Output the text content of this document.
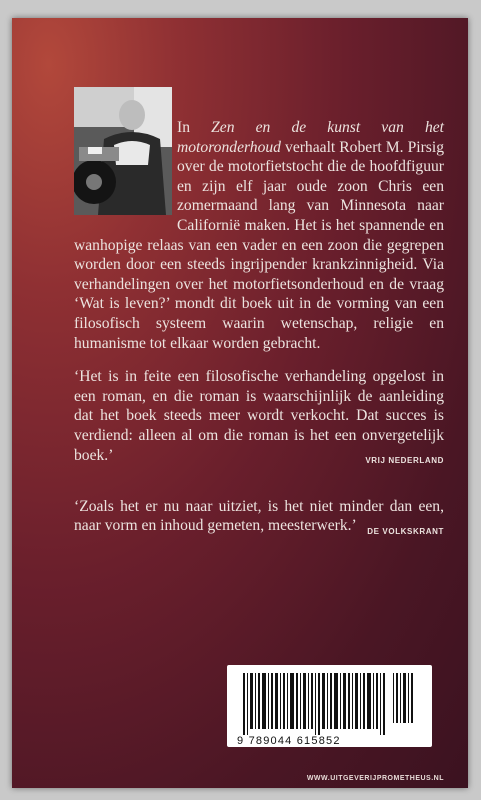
In Zen en de kunst van het motoronderhoud verhaalt Robert M. Pirsig over de motorfietstocht die de hoofdfiguur en zijn elf jaar oude zoon Chris een zomermaand lang van Minnesota naar Californië maken. Het is het spannende en wanhopige relaas van een vader en een zoon die gegrepen worden door een steeds ingrijpender krankzinnigheid. Via verhandelingen over het motorfietsonderhoud en de vraag ‘Wat is leven?’ mondt dit boek uit in de vorming van een filosofisch systeem waarin wetenschap, religie en humanisme tot elkaar worden gebracht.

‘Het is in feite een filosofische verhandeling opgelost in een roman, en die roman is waarschijnlijk de aanleiding dat het boek steeds meer wordt verkocht. Dat succes is verdiend: alleen al om die roman is het een onvergetelijk boek.’	VRIJ NEDERLAND

‘Zoals het er nu naar uitziet, is het niet minder dan een, naar vorm en inhoud gemeten, meesterwerk.’	DE VOLKSKRANT
WWW.UITGEVERIJPROMETHEUS.NL
9 789044 615852
